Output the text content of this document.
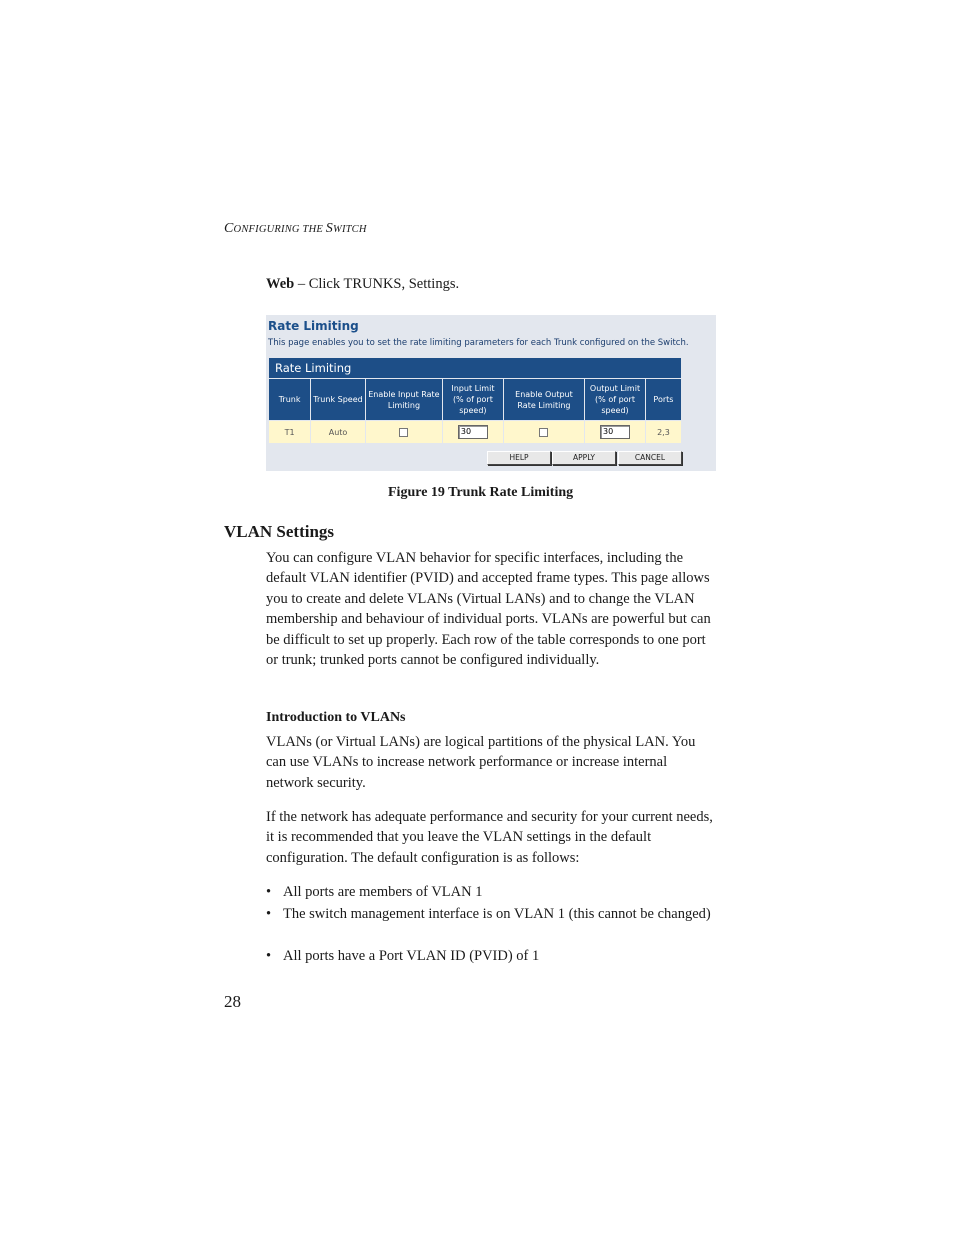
CONFIGURING THE SWITCH
Web – Click TRUNKS, Settings.
Rate Limiting
This page enables you to set the rate limiting parameters for each Trunk configured on the Switch.
Rate Limiting						
Trunk	Trunk Speed	Enable Input Rate Limiting	Input Limit (% of port speed)	Enable Output Rate Limiting	Output Limit (% of port speed)	Ports
T1	Auto		30		30	2,3
HELP	APPLY	CANCEL
Figure 19 Trunk Rate Limiting
VLAN Settings
You can configure VLAN behavior for specific interfaces, including the default VLAN identifier (PVID) and accepted frame types. This page allows you to create and delete VLANs (Virtual LANs) and to change the VLAN membership and behaviour of individual ports. VLANs are powerful but can be difficult to set up properly. Each row of the table corresponds to one port or trunk; trunked ports cannot be configured individually.
Introduction to VLANs
VLANs (or Virtual LANs) are logical partitions of the physical LAN. You can use VLANs to increase network performance or increase internal network security.
If the network has adequate performance and security for your current needs, it is recommended that you leave the VLAN settings in the default configuration. The default configuration is as follows:
• All ports are members of VLAN 1
• The switch management interface is on VLAN 1 (this cannot be changed)
• All ports have a Port VLAN ID (PVID) of 1
28
